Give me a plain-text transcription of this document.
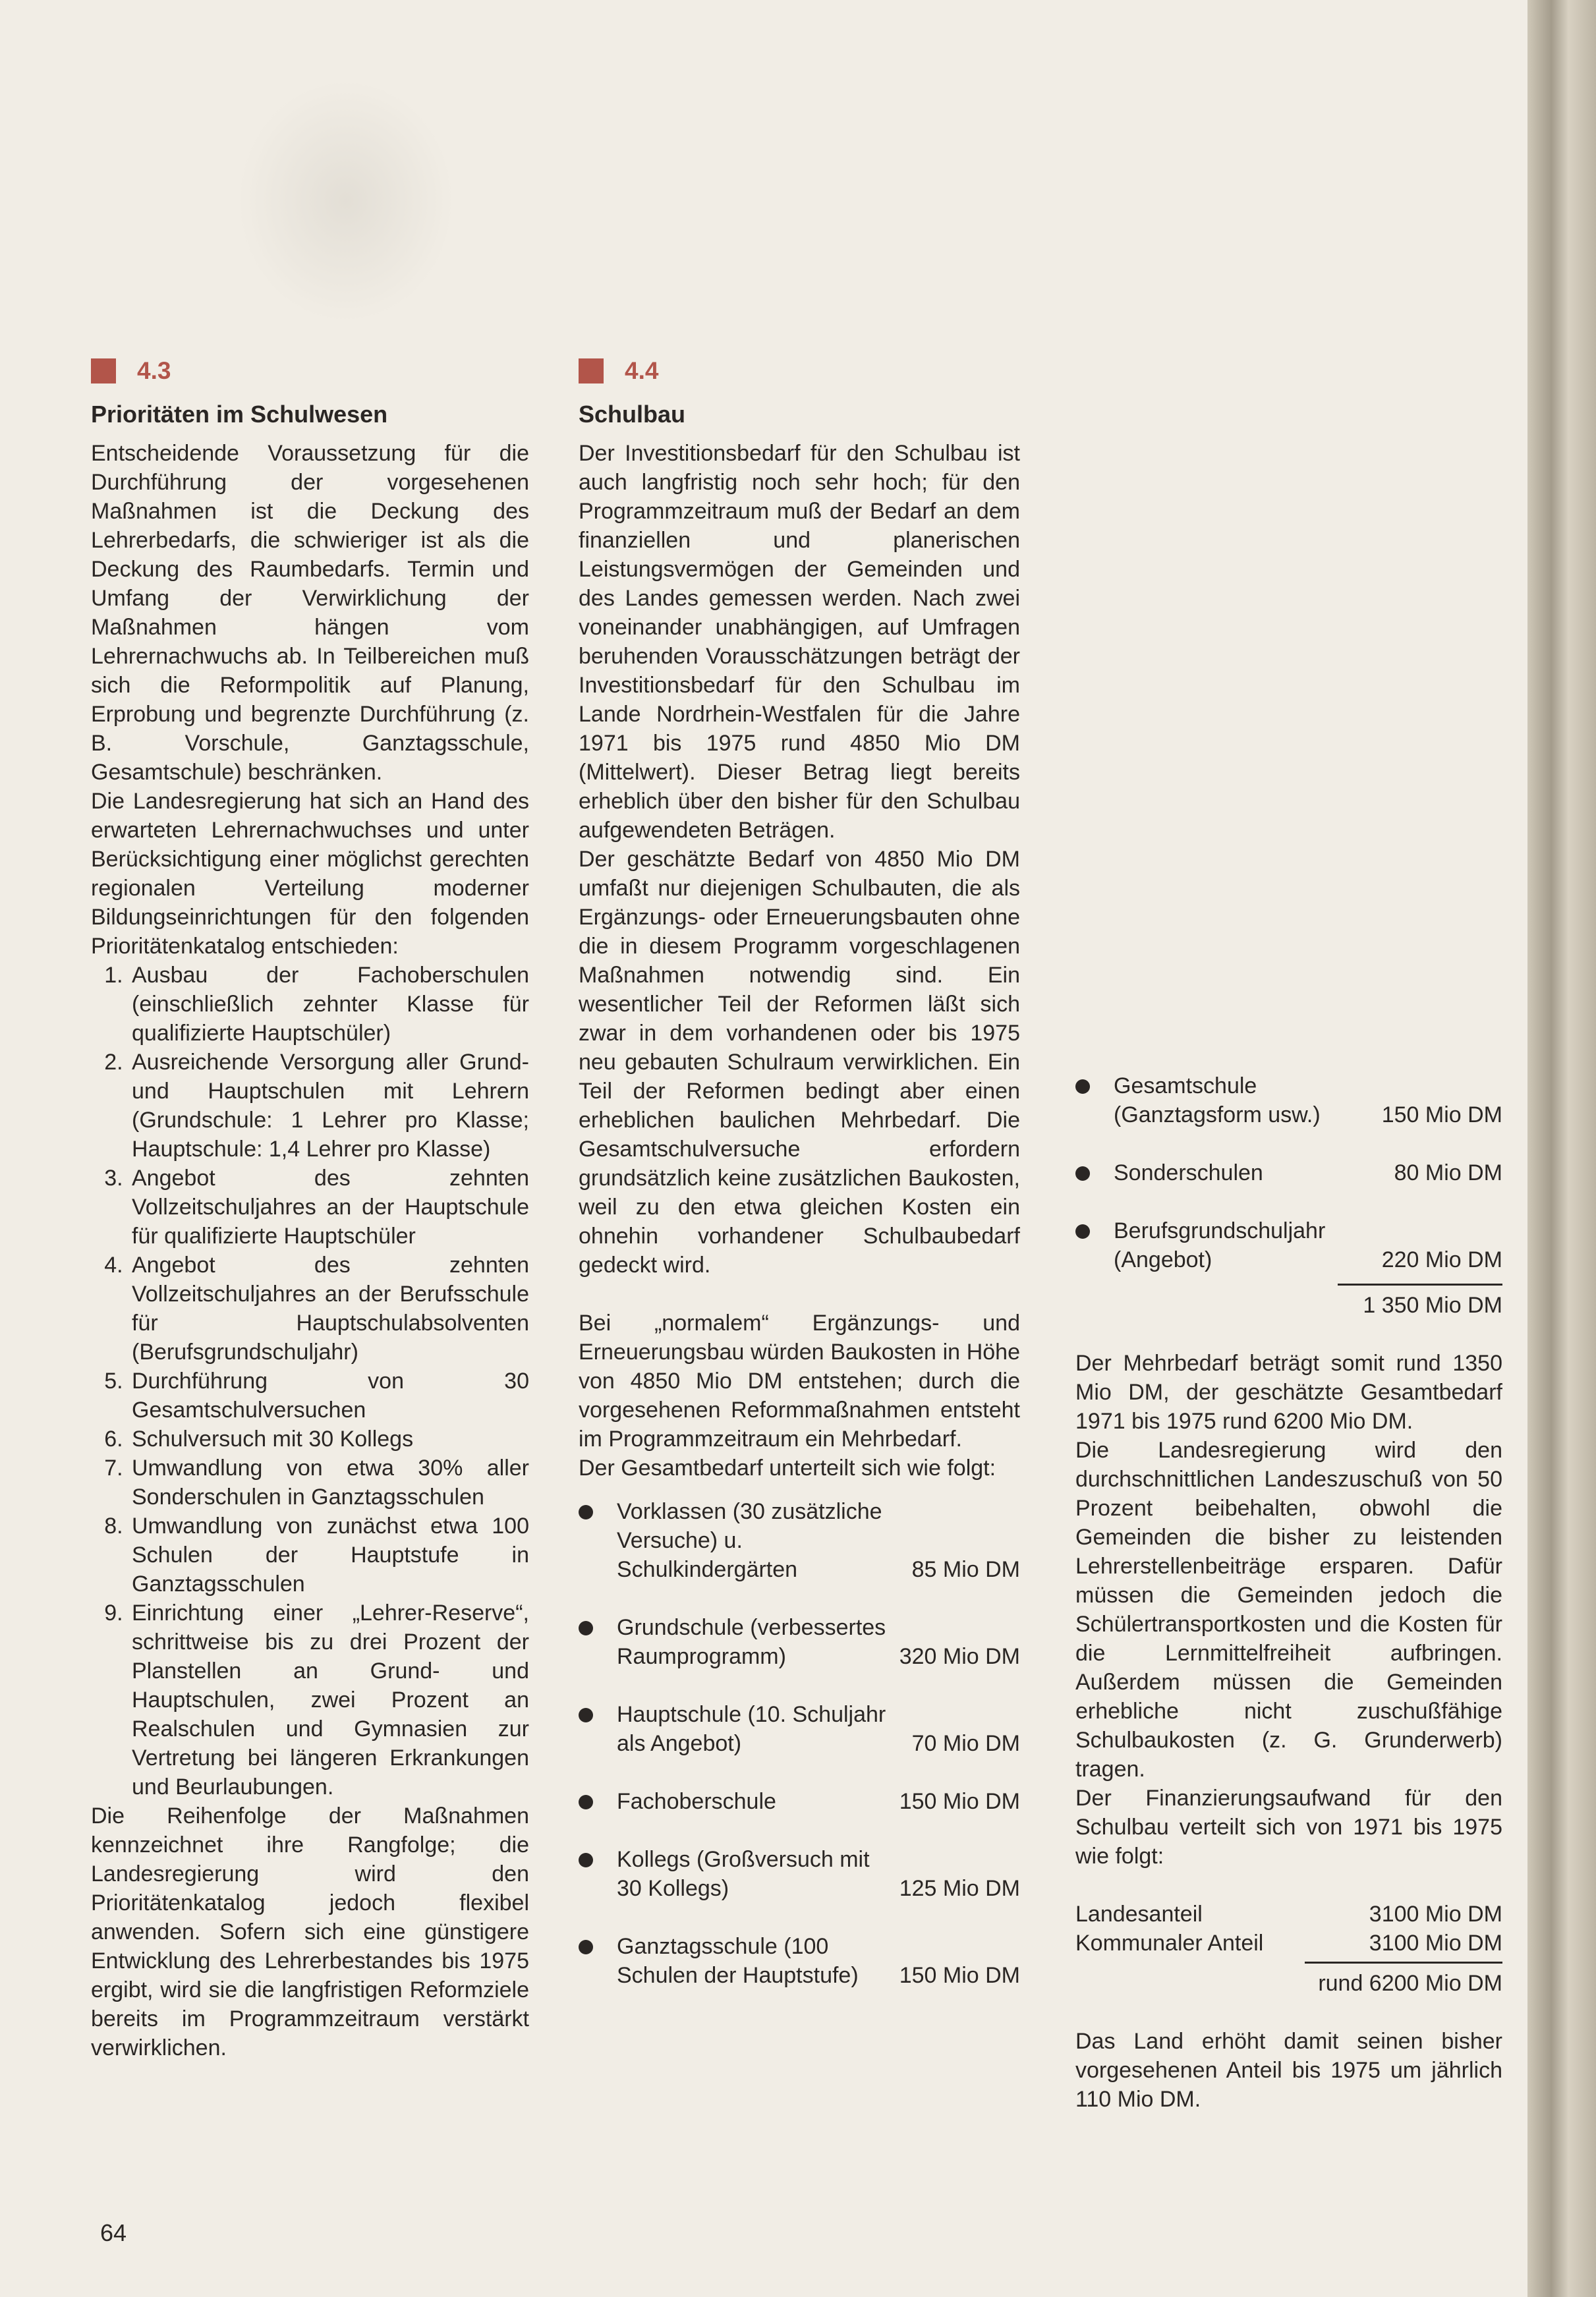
4.3
Prioritäten im Schulwesen

Entscheidende Voraussetzung für die Durchführung der vorgesehenen Maßnahmen ist die Deckung des Lehrerbedarfs, die schwieriger ist als die Deckung des Raumbedarfs. Termin und Umfang der Verwirklichung der Maßnahmen hängen vom Lehrernachwuchs ab. In Teilbereichen muß sich die Reformpolitik auf Planung, Erprobung und begrenzte Durchführung (z. B. Vorschule, Ganztagsschule, Gesamtschule) beschränken.

Die Landesregierung hat sich an Hand des erwarteten Lehrernachwuchses und unter Berücksichtigung einer möglichst gerechten regionalen Verteilung moderner Bildungseinrichtungen für den folgenden Prioritätenkatalog entschieden:

1. Ausbau der Fachoberschulen (einschließlich zehnter Klasse für qualifizierte Hauptschüler)
2. Ausreichende Versorgung aller Grund- und Hauptschulen mit Lehrern (Grundschule: 1 Lehrer pro Klasse; Hauptschule: 1,4 Lehrer pro Klasse)
3. Angebot des zehnten Vollzeitschuljahres an der Hauptschule für qualifizierte Hauptschüler
4. Angebot des zehnten Vollzeitschuljahres an der Berufsschule für Hauptschulabsolventen (Berufsgrundschuljahr)
5. Durchführung von 30 Gesamtschulversuchen
6. Schulversuch mit 30 Kollegs
7. Umwandlung von etwa 30% aller Sonderschulen in Ganztagsschulen
8. Umwandlung von zunächst etwa 100 Schulen der Hauptstufe in Ganztagsschulen
9. Einrichtung einer „Lehrer-Reserve“, schrittweise bis zu drei Prozent der Planstellen an Grund- und Hauptschulen, zwei Prozent an Realschulen und Gymnasien zur Vertretung bei längeren Erkrankungen und Beurlaubungen.

Die Reihenfolge der Maßnahmen kennzeichnet ihre Rangfolge; die Landesregierung wird den Prioritätenkatalog jedoch flexibel anwenden. Sofern sich eine günstigere Entwicklung des Lehrerbestandes bis 1975 ergibt, wird sie die langfristigen Reformziele bereits im Programmzeitraum verstärkt verwirklichen.

4.4
Schulbau

Der Investitionsbedarf für den Schulbau ist auch langfristig noch sehr hoch; für den Programmzeitraum muß der Bedarf an dem finanziellen und planerischen Leistungsvermögen der Gemeinden und des Landes gemessen werden. Nach zwei voneinander unabhängigen, auf Umfragen beruhenden Vorausschätzungen beträgt der Investitionsbedarf für den Schulbau im Lande Nordrhein-Westfalen für die Jahre 1971 bis 1975 rund 4850 Mio DM (Mittelwert). Dieser Betrag liegt bereits erheblich über den bisher für den Schulbau aufgewendeten Beträgen.

Der geschätzte Bedarf von 4850 Mio DM umfaßt nur diejenigen Schulbauten, die als Ergänzungs- oder Erneuerungsbauten ohne die in diesem Programm vorgeschlagenen Maßnahmen notwendig sind. Ein wesentlicher Teil der Reformen läßt sich zwar in dem vorhandenen oder bis 1975 neu gebauten Schulraum verwirklichen. Ein Teil der Reformen bedingt aber einen erheblichen baulichen Mehrbedarf. Die Gesamtschulversuche erfordern grundsätzlich keine zusätzlichen Baukosten, weil zu den etwa gleichen Kosten ein ohnehin vorhandener Schulbaubedarf gedeckt wird.

Bei „normalem“ Ergänzungs- und Erneuerungsbau würden Baukosten in Höhe von 4850 Mio DM entstehen; durch die vorgesehenen Reformmaßnahmen entsteht im Programmzeitraum ein Mehrbedarf.

Der Gesamtbedarf unterteilt sich wie folgt:

Vorklassen (30 zusätzliche Versuche) u. Schulkindergärten	85 Mio DM
Grundschule (verbessertes Raumprogramm)	320 Mio DM
Hauptschule (10. Schuljahr als Angebot)	70 Mio DM
Fachoberschule	150 Mio DM
Kollegs (Großversuch mit 30 Kollegs)	125 Mio DM
Ganztagsschule (100 Schulen der Hauptstufe)	150 Mio DM
Gesamtschule (Ganztagsform usw.)	150 Mio DM
Sonderschulen	80 Mio DM
Berufsgrundschuljahr (Angebot)	220 Mio DM

1 350 Mio DM

Der Mehrbedarf beträgt somit rund 1350 Mio DM, der geschätzte Gesamtbedarf 1971 bis 1975 rund 6200 Mio DM.

Die Landesregierung wird den durchschnittlichen Landeszuschuß von 50 Prozent beibehalten, obwohl die Gemeinden die bisher zu leistenden Lehrerstellenbeiträge ersparen. Dafür müssen die Gemeinden jedoch die Schülertransportkosten und die Kosten für die Lernmittelfreiheit aufbringen. Außerdem müssen die Gemeinden erhebliche nicht zuschußfähige Schulbaukosten (z. G. Grunderwerb) tragen.

Der Finanzierungsaufwand für den Schulbau verteilt sich von 1971 bis 1975 wie folgt:

Landesanteil	3100 Mio DM
Kommunaler Anteil	3100 Mio DM

rund 6200 Mio DM

Das Land erhöht damit seinen bisher vorgesehenen Anteil bis 1975 um jährlich 110 Mio DM.

64
